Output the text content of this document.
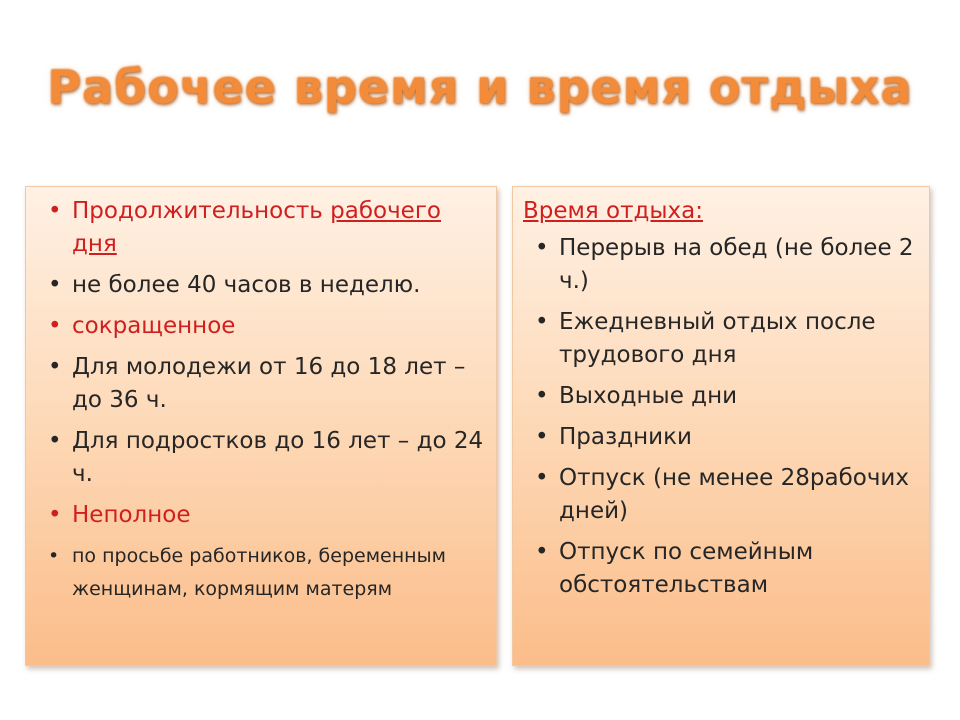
Рабочее время и время отдыха
• Продолжительность рабочего дня
• не более 40 часов в неделю.
• сокращенное
• Для молодежи от 16 до 18 лет – до 36 ч.
• Для подростков до 16 лет – до 24 ч.
• Неполное
• по просьбе работников, беременным женщинам, кормящим матерям
Время отдыха:
• Перерыв на обед (не более 2 ч.)
• Ежедневный отдых после трудового дня
• Выходные дни
• Праздники
• Отпуск (не менее 28рабочих дней)
• Отпуск по семейным обстоятельствам
